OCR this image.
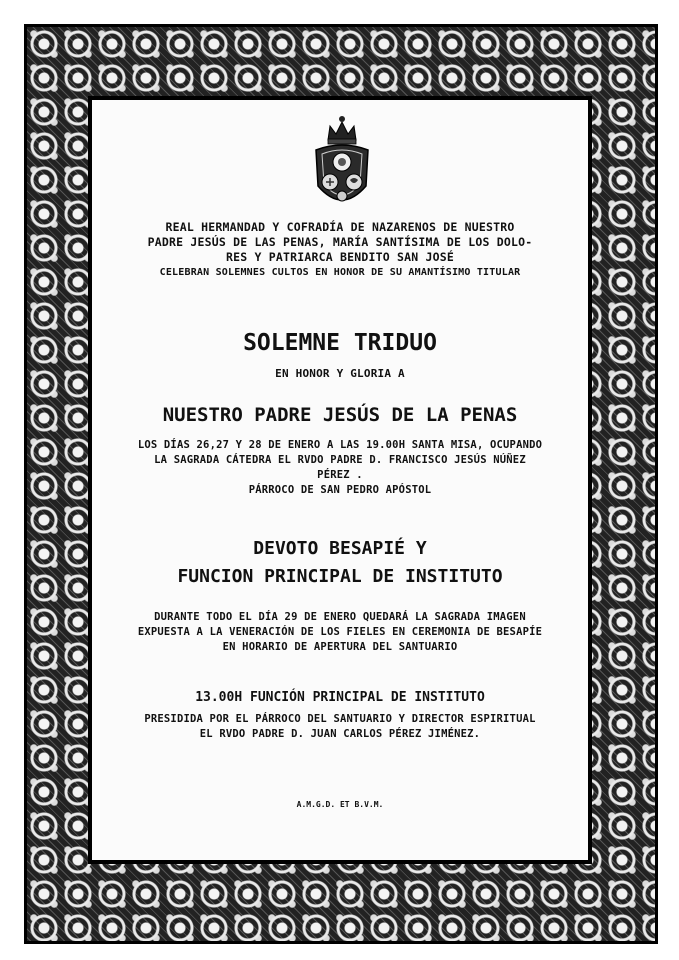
REAL HERMANDAD Y COFRADÍA DE NAZARENOS DE NUESTRO

PADRE JESÚS DE LAS PENAS, MARÍA SANTÍSIMA DE LOS DOLO-

RES Y PATRIARCA BENDITO SAN JOSÉ

CELEBRAN SOLEMNES CULTOS EN HONOR DE SU AMANTÍSIMO TITULAR

SOLEMNE TRIDUO

EN HONOR Y GLORIA A

NUESTRO PADRE JESÚS DE LA PENAS

LOS DÍAS 26,27 Y 28 DE ENERO A LAS 19.00H SANTA MISA, OCUPANDO

LA SAGRADA CÁTEDRA EL RVDO PADRE D. FRANCISCO JESÚS NÚÑEZ

PÉREZ .

PÁRROCO DE SAN PEDRO APÓSTOL

DEVOTO BESAPIÉ Y

FUNCION PRINCIPAL DE INSTITUTO

DURANTE TODO EL DÍA 29 DE ENERO QUEDARÁ LA SAGRADA IMAGEN

EXPUESTA A LA VENERACIÓN DE LOS FIELES EN CEREMONIA DE BESAPÍE

EN HORARIO DE APERTURA DEL SANTUARIO

13.00H FUNCIÓN PRINCIPAL DE INSTITUTO

PRESIDIDA POR EL PÁRROCO DEL SANTUARIO Y DIRECTOR ESPIRITUAL

EL RVDO PADRE D. JUAN CARLOS PÉREZ JIMÉNEZ.

A.M.G.D. ET B.V.M.
